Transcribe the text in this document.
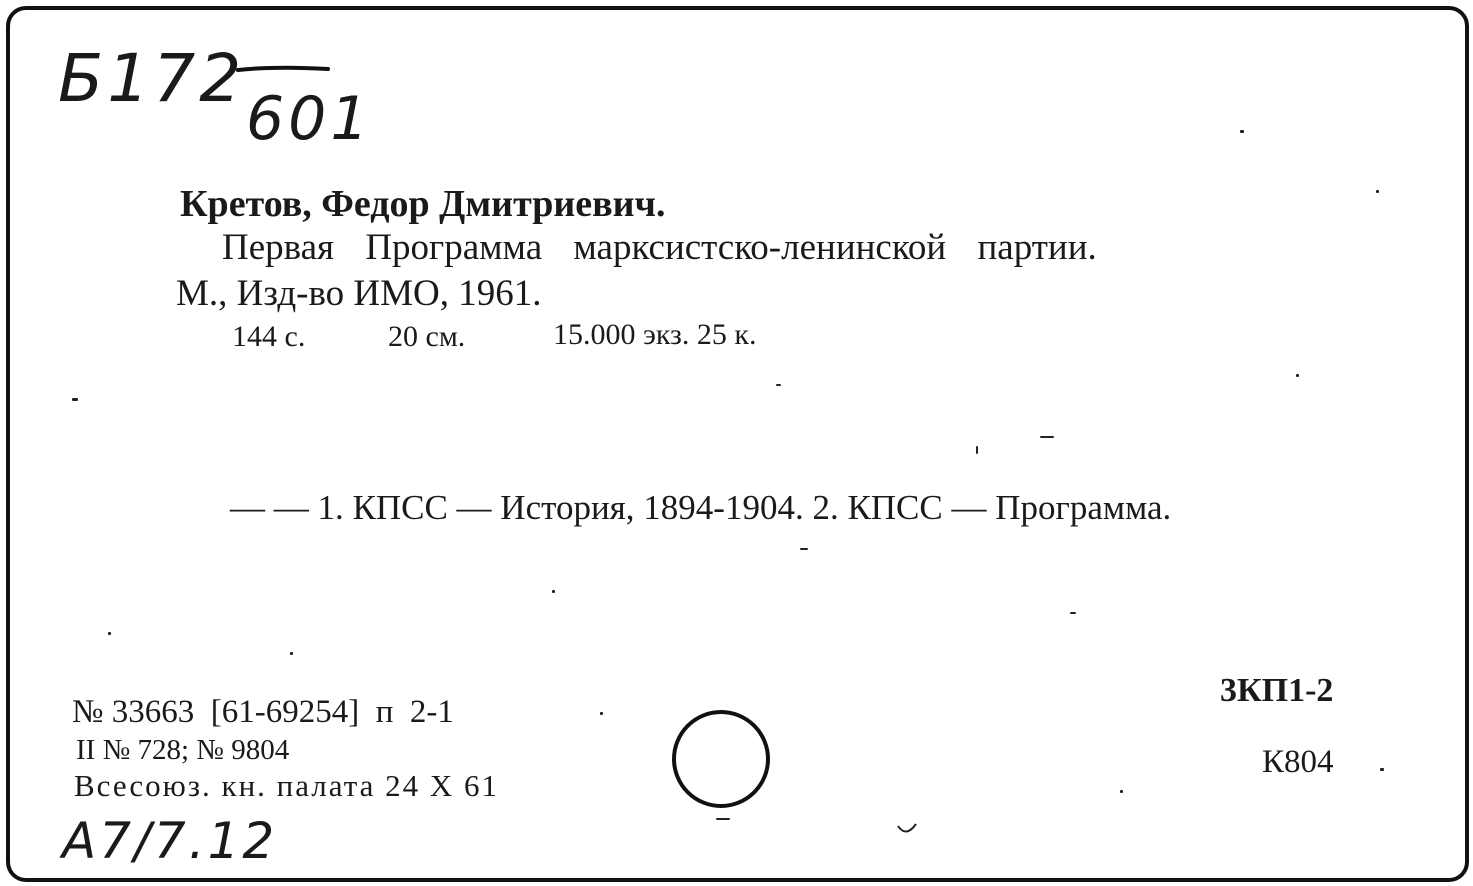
Б172
601
Кретов, Федор Дмитриевич.
Первая Программа марксистско-ленинской партии.
М., Изд-во ИМО, 1961.
144 с.	20 см.	15.000 экз. 25 к.
— — 1. КПСС — История, 1894-1904. 2. КПСС — Программа.
№ 33663  [61-69254]  п  2-1
II № 728; № 9804
Всесоюз. кн. палата 24 X 61
А7/7.12
3КП1-2
К804
